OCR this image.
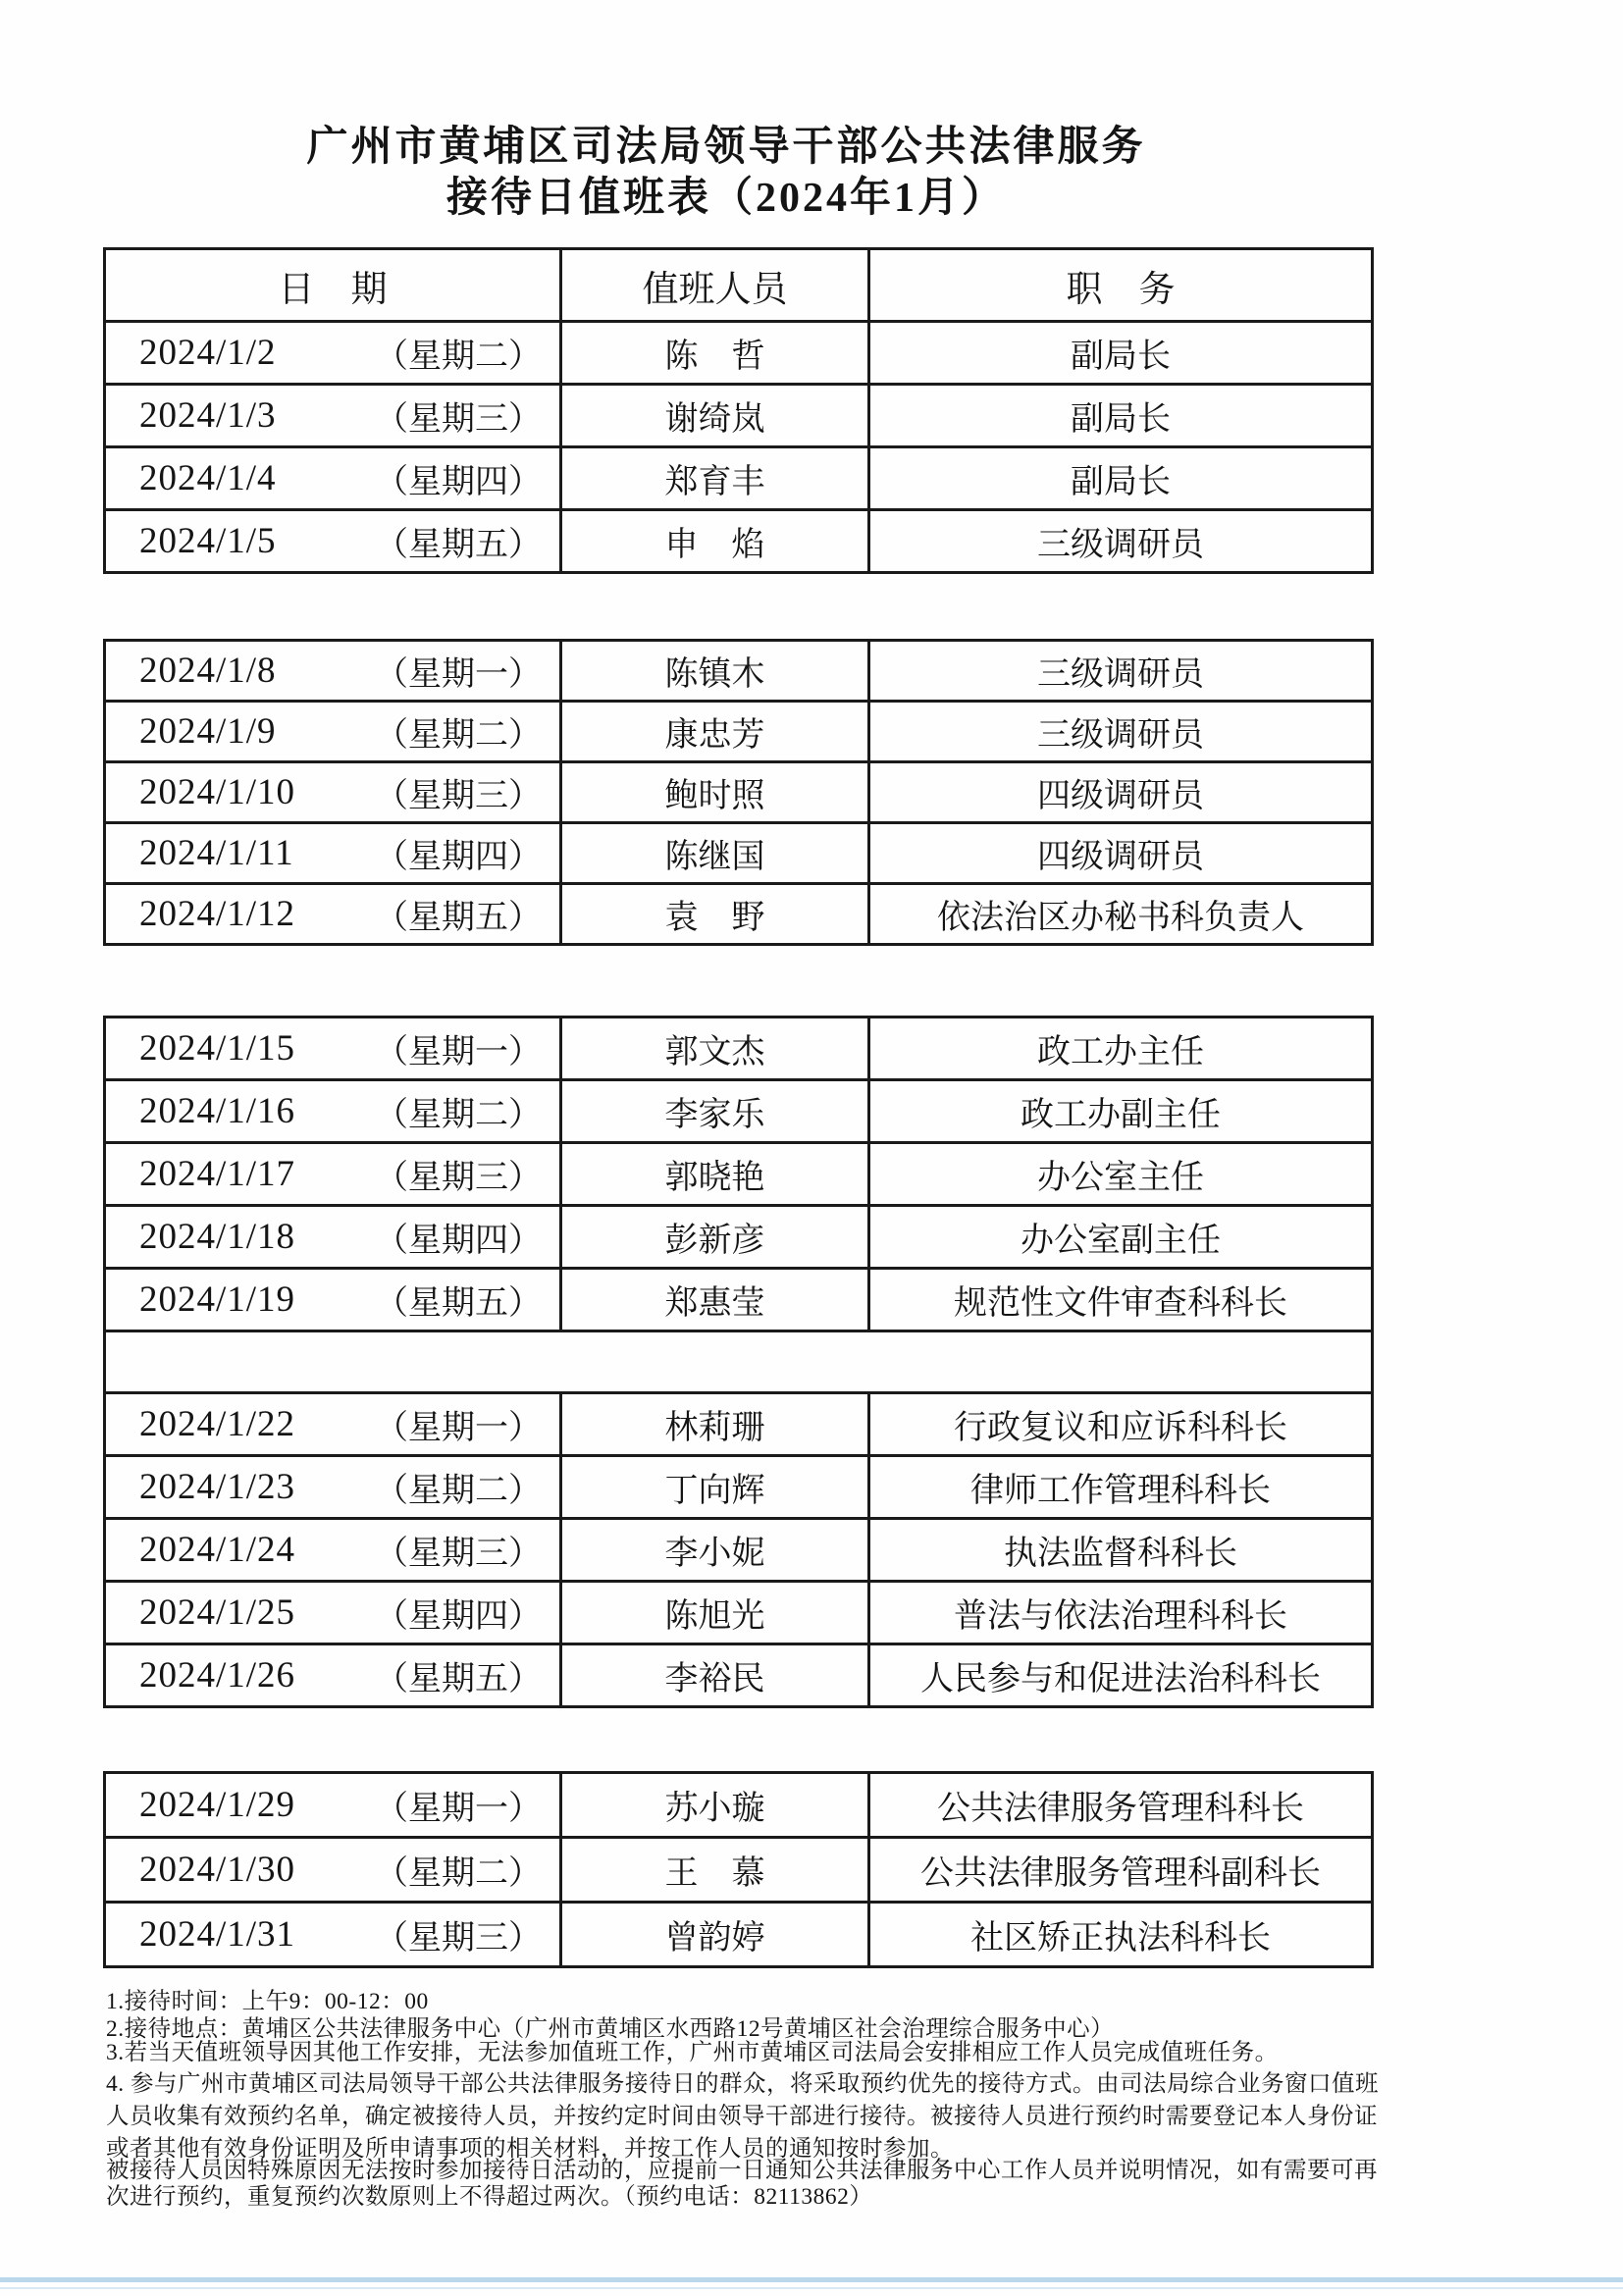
广州市黄埔区司法局领导干部公共法律服务
接待日值班表（2024年1月）
日　期	值班人员	职　务
2024/1/2	（星期二）	陈　哲	副局长
2024/1/3	（星期三）	谢绮岚	副局长
2024/1/4	（星期四）	郑育丰	副局长
2024/1/5	（星期五）	申　焰	三级调研员
2024/1/8	（星期一）	陈镇木	三级调研员
2024/1/9	（星期二）	康忠芳	三级调研员
2024/1/10 （星期三）	鲍时照	四级调研员
2024/1/11 （星期四）	陈继国	四级调研员
2024/1/12 （星期五）	袁　野	依法治区办秘书科负责人
2024/1/15 （星期一）	郭文杰	政工办主任
2024/1/16 （星期二）	李家乐	政工办副主任
2024/1/17 （星期三）	郭晓艳	办公室主任
2024/1/18 （星期四）	彭新彦	办公室副主任
2024/1/19 （星期五）	郑惠莹	规范性文件审查科科长
2024/1/22 （星期一）	林莉珊	行政复议和应诉科科长
2024/1/23 （星期二）	丁向辉	律师工作管理科科长
2024/1/24 （星期三）	李小妮	执法监督科科长
2024/1/25 （星期四）	陈旭光	普法与依法治理科科长
2024/1/26 （星期五）	李裕民	人民参与和促进法治科科长
2024/1/29 （星期一）	苏小璇	公共法律服务管理科科长
2024/1/30 （星期二）	王　慕	公共法律服务管理科副科长
2024/1/31 （星期三）	曾韵婷	社区矫正执法科科长
1.接待时间：上午9：00-12：00
2.接待地点：黄埔区公共法律服务中心（广州市黄埔区水西路12号黄埔区社会治理综合服务中心）
3.若当天值班领导因其他工作安排，无法参加值班工作，广州市黄埔区司法局会安排相应工作人员完成值班任务。
4. 参与广州市黄埔区司法局领导干部公共法律服务接待日的群众，将采取预约优先的接待方式。由司法局综合业务窗口值班
人员收集有效预约名单，确定被接待人员，并按约定时间由领导干部进行接待。被接待人员进行预约时需要登记本人身份证
或者其他有效身份证明及所申请事项的相关材料，并按工作人员的通知按时参加。
被接待人员因特殊原因无法按时参加接待日活动的，应提前一日通知公共法律服务中心工作人员并说明情况，如有需要可再
次进行预约，重复预约次数原则上不得超过两次。（预约电话：82113862）
